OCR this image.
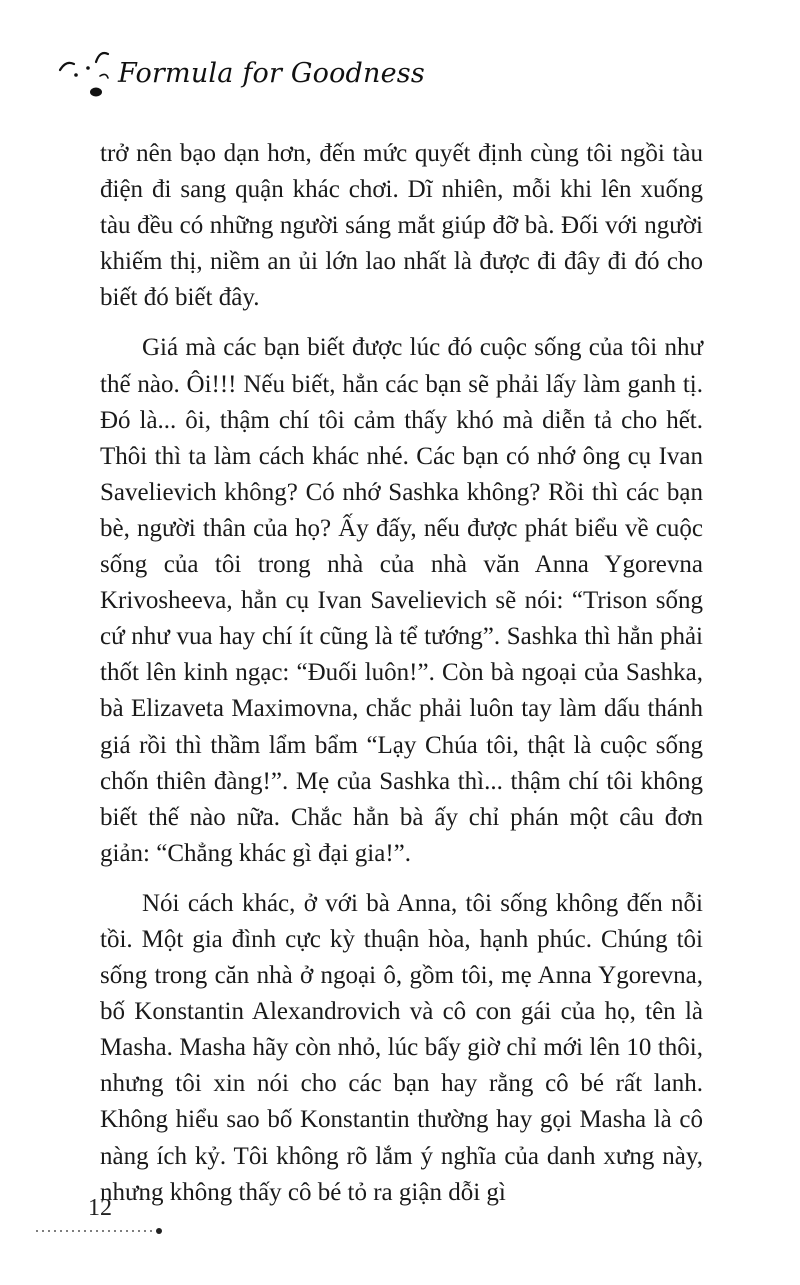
Formula for Goodness

trở nên bạo dạn hơn, đến mức quyết định cùng tôi ngồi tàu điện đi sang quận khác chơi. Dĩ nhiên, mỗi khi lên xuống tàu đều có những người sáng mắt giúp đỡ bà. Đối với người khiếm thị, niềm an ủi lớn lao nhất là được đi đây đi đó cho biết đó biết đây.

Giá mà các bạn biết được lúc đó cuộc sống của tôi như thế nào. Ôi!!! Nếu biết, hẳn các bạn sẽ phải lấy làm ganh tị. Đó là... ôi, thậm chí tôi cảm thấy khó mà diễn tả cho hết. Thôi thì ta làm cách khác nhé. Các bạn có nhớ ông cụ Ivan Savelievich không? Có nhớ Sashka không? Rồi thì các bạn bè, người thân của họ? Ấy đấy, nếu được phát biểu về cuộc sống của tôi trong nhà của nhà văn Anna Ygorevna Krivosheeva, hẳn cụ Ivan Savelievich sẽ nói: “Trison sống cứ như vua hay chí ít cũng là tể tướng”. Sashka thì hẳn phải thốt lên kinh ngạc: “Đuối luôn!”. Còn bà ngoại của Sashka, bà Elizaveta Maximovna, chắc phải luôn tay làm dấu thánh giá rồi thì thầm lẩm bẩm “Lạy Chúa tôi, thật là cuộc sống chốn thiên đàng!”. Mẹ của Sashka thì... thậm chí tôi không biết thế nào nữa. Chắc hẳn bà ấy chỉ phán một câu đơn giản: “Chẳng khác gì đại gia!”.

Nói cách khác, ở với bà Anna, tôi sống không đến nỗi tồi. Một gia đình cực kỳ thuận hòa, hạnh phúc. Chúng tôi sống trong căn nhà ở ngoại ô, gồm tôi, mẹ Anna Ygorevna, bố Konstantin Alexandrovich và cô con gái của họ, tên là Masha. Masha hãy còn nhỏ, lúc bấy giờ chỉ mới lên 10 thôi, nhưng tôi xin nói cho các bạn hay rằng cô bé rất lanh. Không hiểu sao bố Konstantin thường hay gọi Masha là cô nàng ích kỷ. Tôi không rõ lắm ý nghĩa của danh xưng này, nhưng không thấy cô bé tỏ ra giận dỗi gì

12
